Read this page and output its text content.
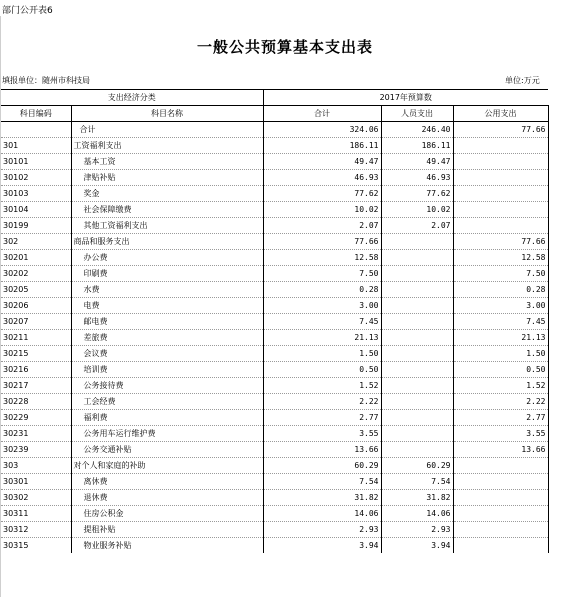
部门公开表6
一般公共预算基本支出表
填报单位：随州市科技局	单位:万元
支出经济分类		2017年预算数		
科目编码	科目名称	合计	人员支出	公用支出
	合计	324.06	246.40	77.66
301	工资福利支出	186.11	186.11	
30101	基本工资	49.47	49.47	
30102	津贴补贴	46.93	46.93	
30103	奖金	77.62	77.62	
30104	社会保障缴费	10.02	10.02	
30199	其他工资福利支出	2.07	2.07	
302	商品和服务支出	77.66		77.66
30201	办公费	12.58		12.58
30202	印刷费	7.50		7.50
30205	水费	0.28		0.28
30206	电费	3.00		3.00
30207	邮电费	7.45		7.45
30211	差旅费	21.13		21.13
30215	会议费	1.50		1.50
30216	培训费	0.50		0.50
30217	公务接待费	1.52		1.52
30228	工会经费	2.22		2.22
30229	福利费	2.77		2.77
30231	公务用车运行维护费	3.55		3.55
30239	公务交通补贴	13.66		13.66
303	对个人和家庭的补助	60.29	60.29	
30301	离休费	7.54	7.54	
30302	退休费	31.82	31.82	
30311	住房公积金	14.06	14.06	
30312	提租补贴	2.93	2.93	
30315	物业服务补贴	3.94	3.94	
